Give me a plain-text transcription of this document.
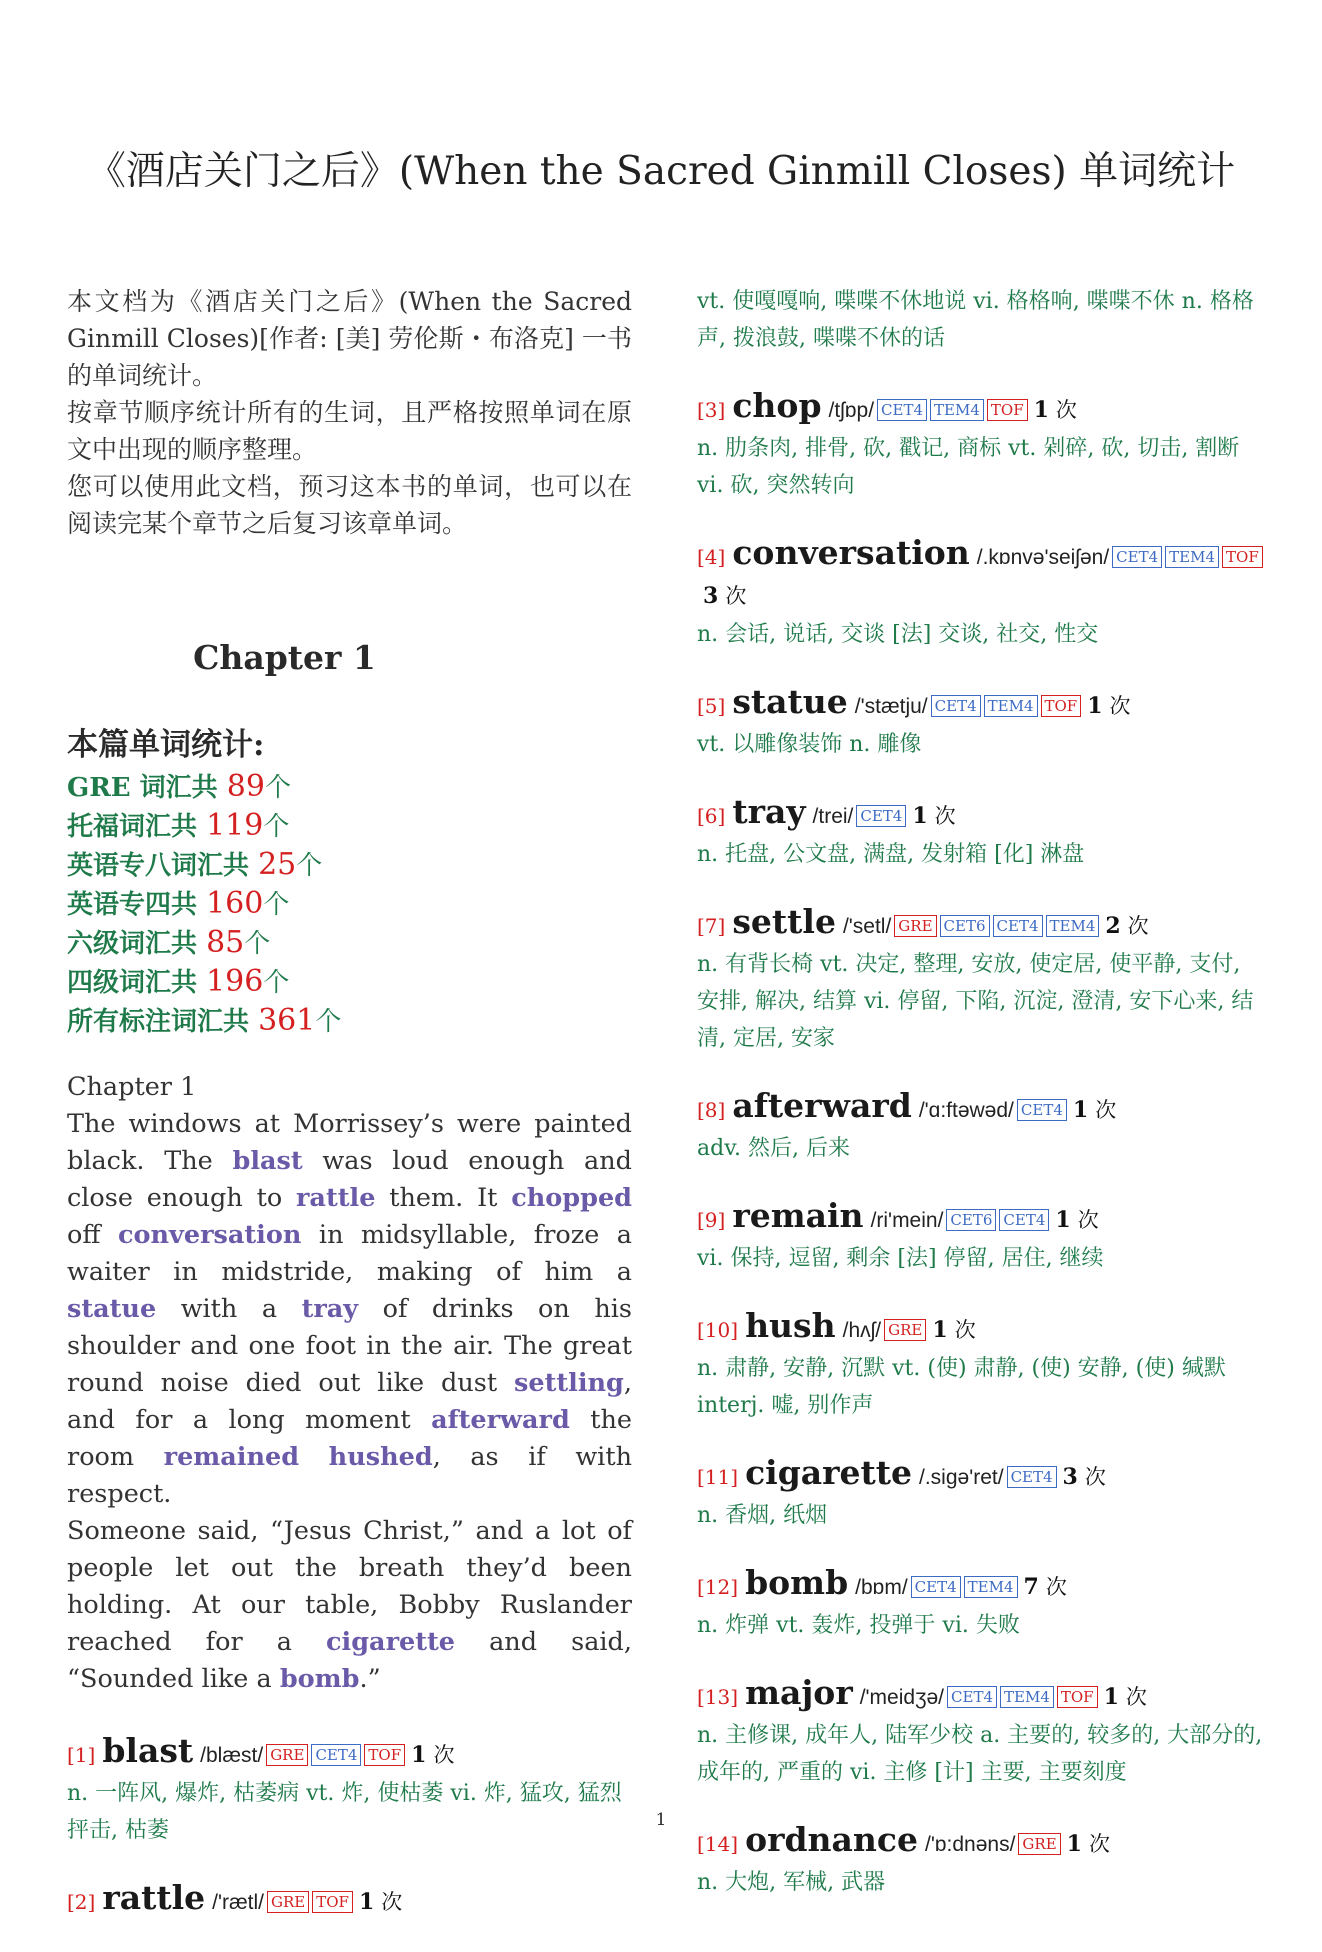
《酒店关门之后》(When the Sacred Ginmill Closes) 单词统计
本文档为《酒店关门之后》(When the Sacred Ginmill Closes)[作者: [美] 劳伦斯・布洛克] 一书的单词统计。
按章节顺序统计所有的生词，且严格按照单词在原文中出现的顺序整理。
您可以使用此文档，预习这本书的单词，也可以在阅读完某个章节之后复习该章单词。
Chapter 1
本篇单词统计:
GRE 词汇共 89个
托福词汇共 119个
英语专八词汇共 25个
英语专四共 160个
六级词汇共 85个
四级词汇共 196个
所有标注词汇共 361个
Chapter 1
The windows at Morrissey’s were painted black. The blast was loud enough and close enough to rattle them. It chopped off conversation in midsyllable, froze a waiter in midstride, making of him a statue with a tray of drinks on his shoulder and one foot in the air. The great round noise died out like dust settling, and for a long moment afterward the room remained hushed, as if with respect.
Someone said, “Jesus Christ,” and a lot of people let out the breath they’d been holding. At our table, Bobby Ruslander reached for a cigarette and said, “Sounded like a bomb.”
[1] blast /blæst/ GRE CET4 TOF 1 次
n. 一阵风, 爆炸, 枯萎病 vt. 炸, 使枯萎 vi. 炸, 猛攻, 猛烈抨击, 枯萎
[2] rattle /'rætl/ GRE TOF 1 次
vt. 使嘎嘎响, 喋喋不休地说 vi. 格格响, 喋喋不休 n. 格格声, 拨浪鼓, 喋喋不休的话
[3] chop /tʃɒp/ CET4 TEM4 TOF 1 次
n. 肋条肉, 排骨, 砍, 戳记, 商标 vt. 剁碎, 砍, 切击, 割断 vi. 砍, 突然转向
[4] conversation /.kɒnvə'seiʃən/ CET4 TEM4 TOF3 次
n. 会话, 说话, 交谈 [法] 交谈, 社交, 性交
[5] statue /'stætju/ CET4 TEM4 TOF 1 次
vt. 以雕像装饰 n. 雕像
[6] tray /trei/ CET4 1 次
n. 托盘, 公文盘, 满盘, 发射箱 [化] 淋盘
[7] settle /'setl/ GRE CET6 CET4 TEM4 2 次
n. 有背长椅 vt. 决定, 整理, 安放, 使定居, 使平静, 支付, 安排, 解决, 结算 vi. 停留, 下陷, 沉淀, 澄清, 安下心来, 结清, 定居, 安家
[8] afterward /'ɑ:ftəwəd/ CET4 1 次
adv. 然后, 后来
[9] remain /ri'mein/ CET6 CET4 1 次
vi. 保持, 逗留, 剩余 [法] 停留, 居住, 继续
[10] hush /hʌʃ/ GRE 1 次
n. 肃静, 安静, 沉默 vt. (使) 肃静, (使) 安静, (使) 缄默 interj. 嘘, 别作声
[11] cigarette /.sigə'ret/ CET4 3 次
n. 香烟, 纸烟
[12] bomb /bɒm/ CET4 TEM4 7 次
n. 炸弹 vt. 轰炸, 投弹于 vi. 失败
[13] major /'meidʒə/ CET4 TEM4 TOF 1 次
n. 主修课, 成年人, 陆军少校 a. 主要的, 较多的, 大部分的, 成年的, 严重的 vi. 主修 [计] 主要, 主要刻度
[14] ordnance /'ɒ:dnəns/ GRE 1 次
n. 大炮, 军械, 武器
1
